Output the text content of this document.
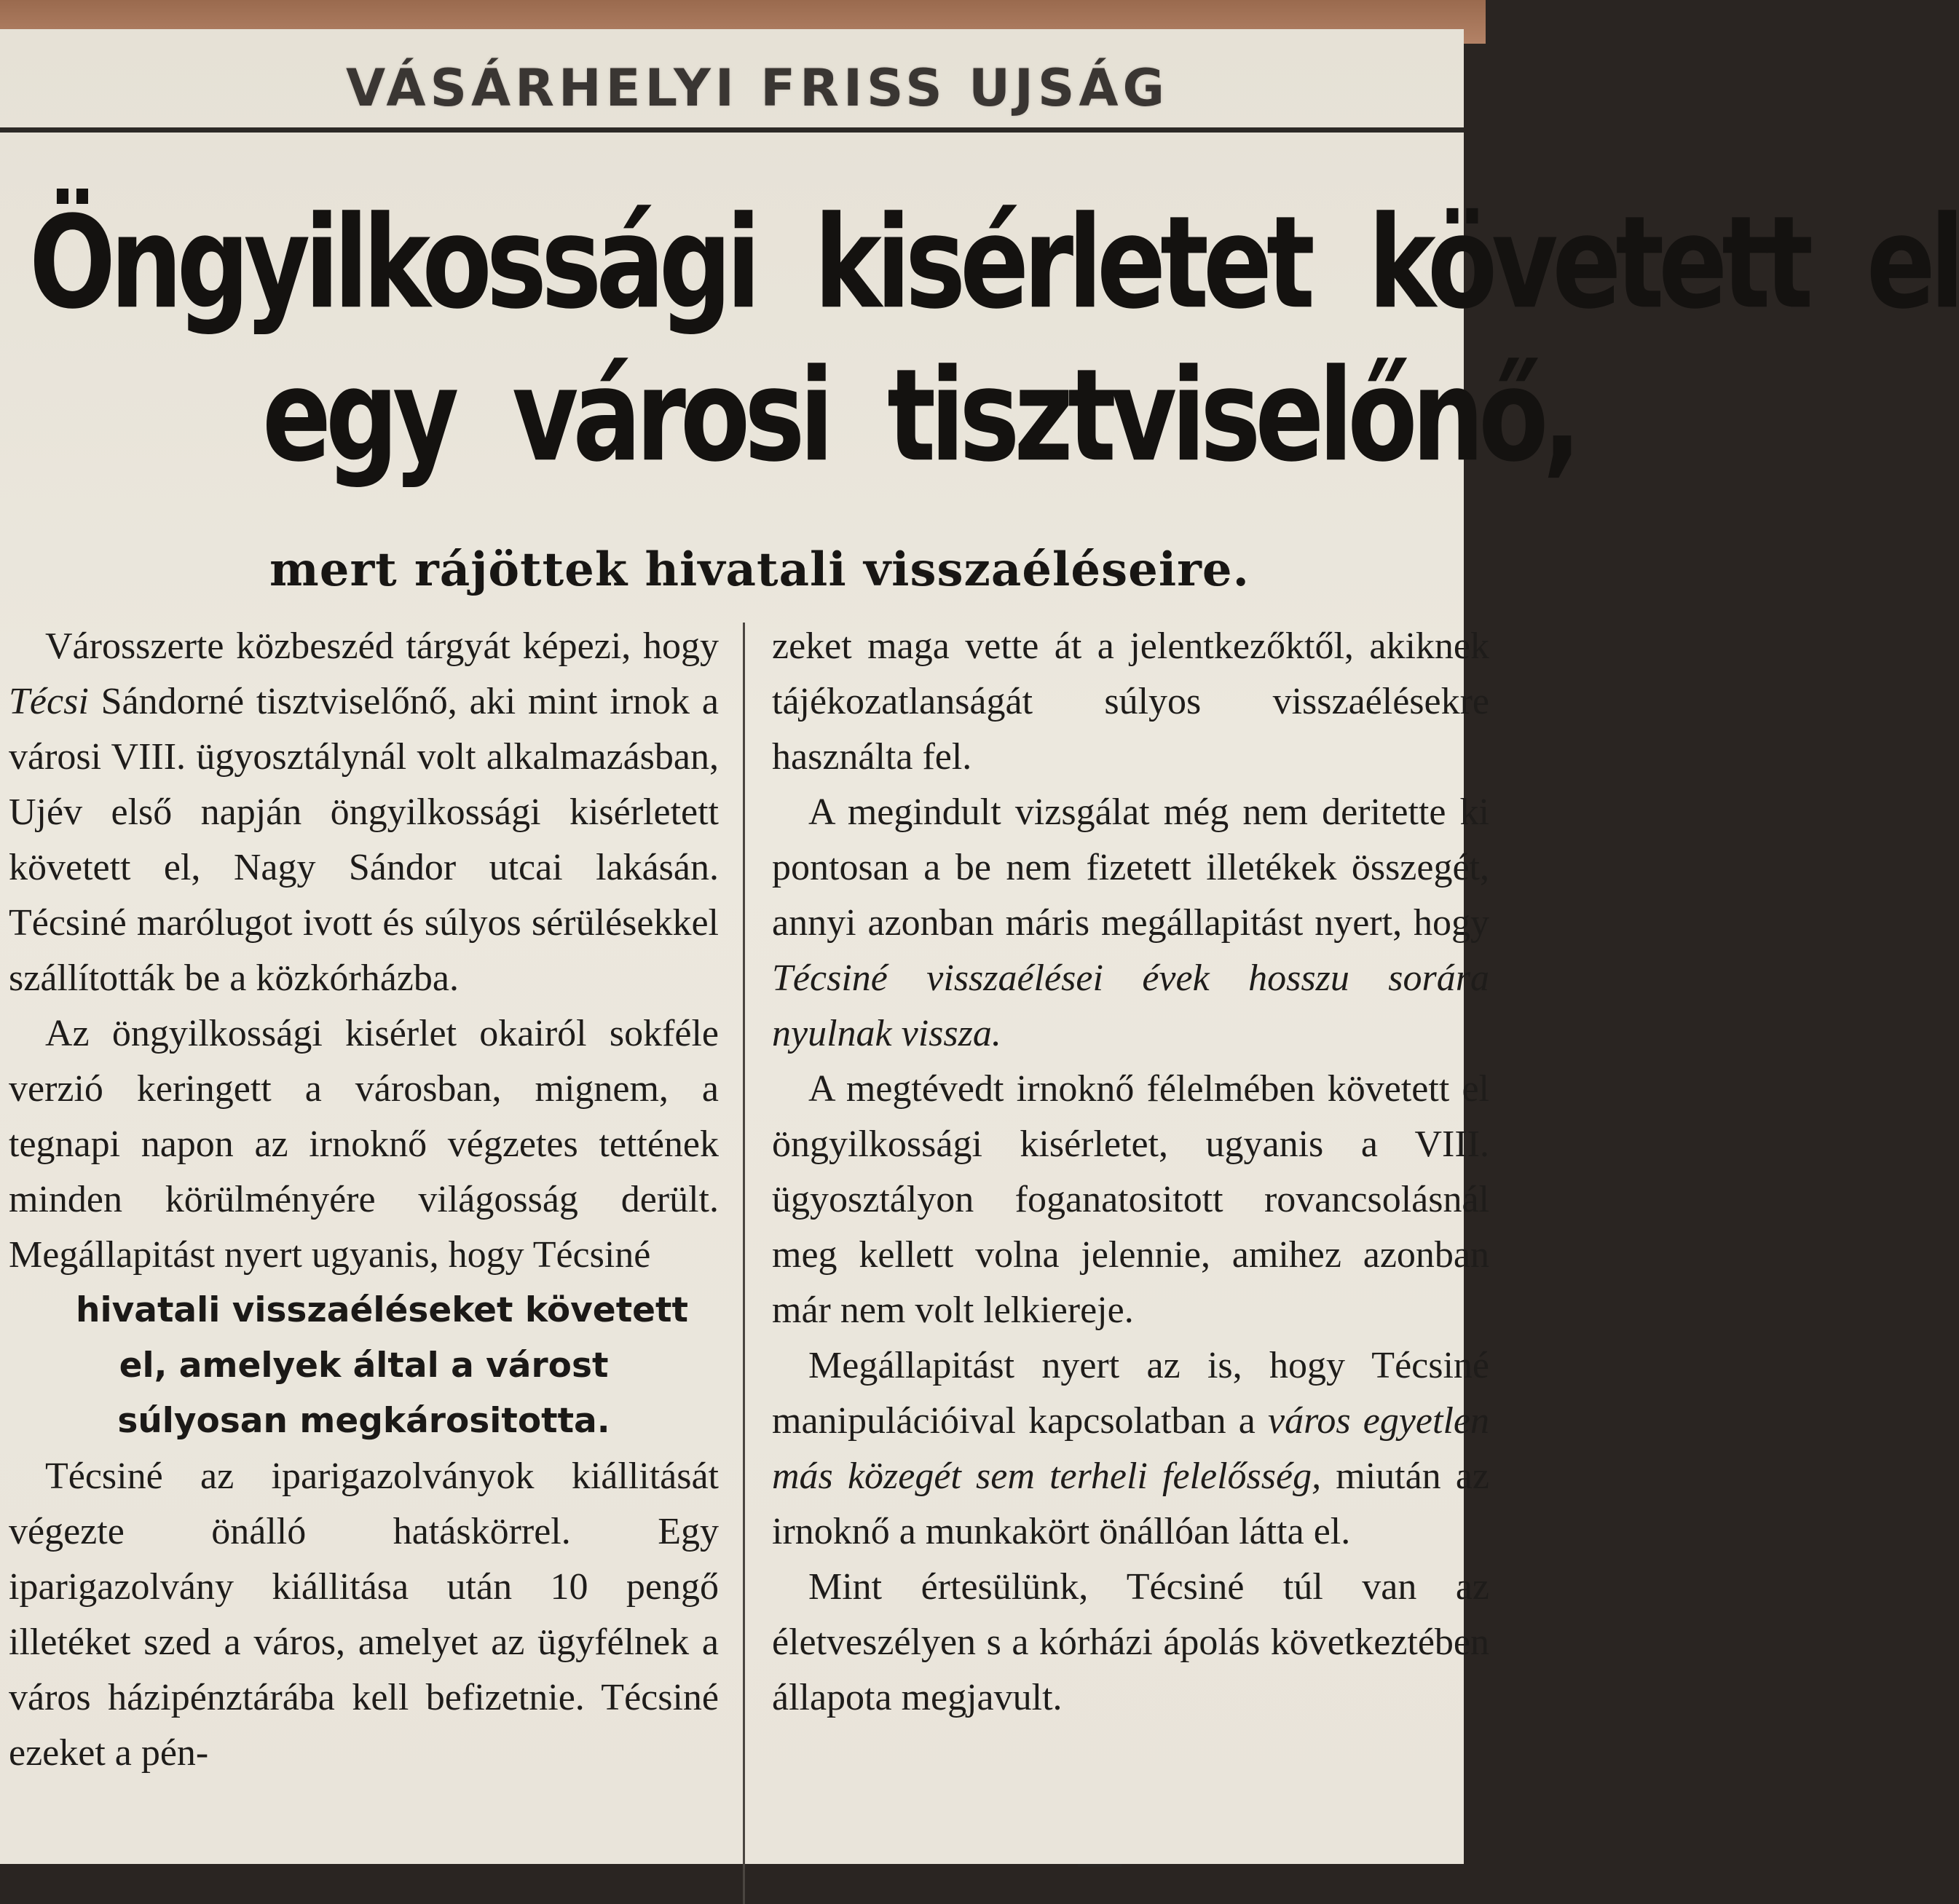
VÁSÁRHELYI FRISS UJSÁG
Öngyilkossági kisérletet követett el
egy városi tisztviselőnő,
mert rájöttek hivatali visszaéléseire.

Városszerte közbeszéd tárgyát képezi, hogy Técsi Sándorné tisztviselőnő, aki mint irnok a városi VIII. ügyosztálynál volt alkalmazásban, Ujév első napján öngyilkossági kisérletett követett el, Nagy Sándor utcai lakásán. Técsiné marólugot ivott és súlyos sérülésekkel szállították be a közkórházba.

Az öngyilkossági kisérlet okairól sokféle verzió keringett a városban, mignem, a tegnapi napon az irnoknő végzetes tettének minden körülményére világosság derült. Megállapitást nyert ugyanis, hogy Técsiné

hivatali visszaéléseket követett el, amelyek által a várost súlyosan megkárositotta.

Técsiné az iparigazolványok kiállitását végezte önálló hatáskörrel. Egy iparigazolvány kiállitása után 10 pengő illetéket szed a város, amelyet az ügyfélnek a város házipénztárába kell befizetnie. Técsiné ezeket a pén-

zeket maga vette át a jelentkezőktől, akiknek tájékozatlanságát súlyos visszaélésekre használta fel.

A megindult vizsgálat még nem deritette ki pontosan a be nem fizetett illetékek összegét, annyi azonban máris megállapitást nyert, hogy Técsiné visszaélései évek hosszu sorára nyulnak vissza.

A megtévedt irnoknő félelmében követett el öngyilkossági kisérletet, ugyanis a VIII. ügyosztályon foganatositott rovancsolásnál meg kellett volna jelennie, amihez azonban már nem volt lelkiereje.

Megállapitást nyert az is, hogy Técsiné manipulációival kapcsolatban a város egyetlen más közegét sem terheli felelősség, miután az irnoknő a munkakört önállóan látta el.

Mint értesülünk, Técsiné túl van az életveszélyen s a kórházi ápolás következtében állapota megjavult.
